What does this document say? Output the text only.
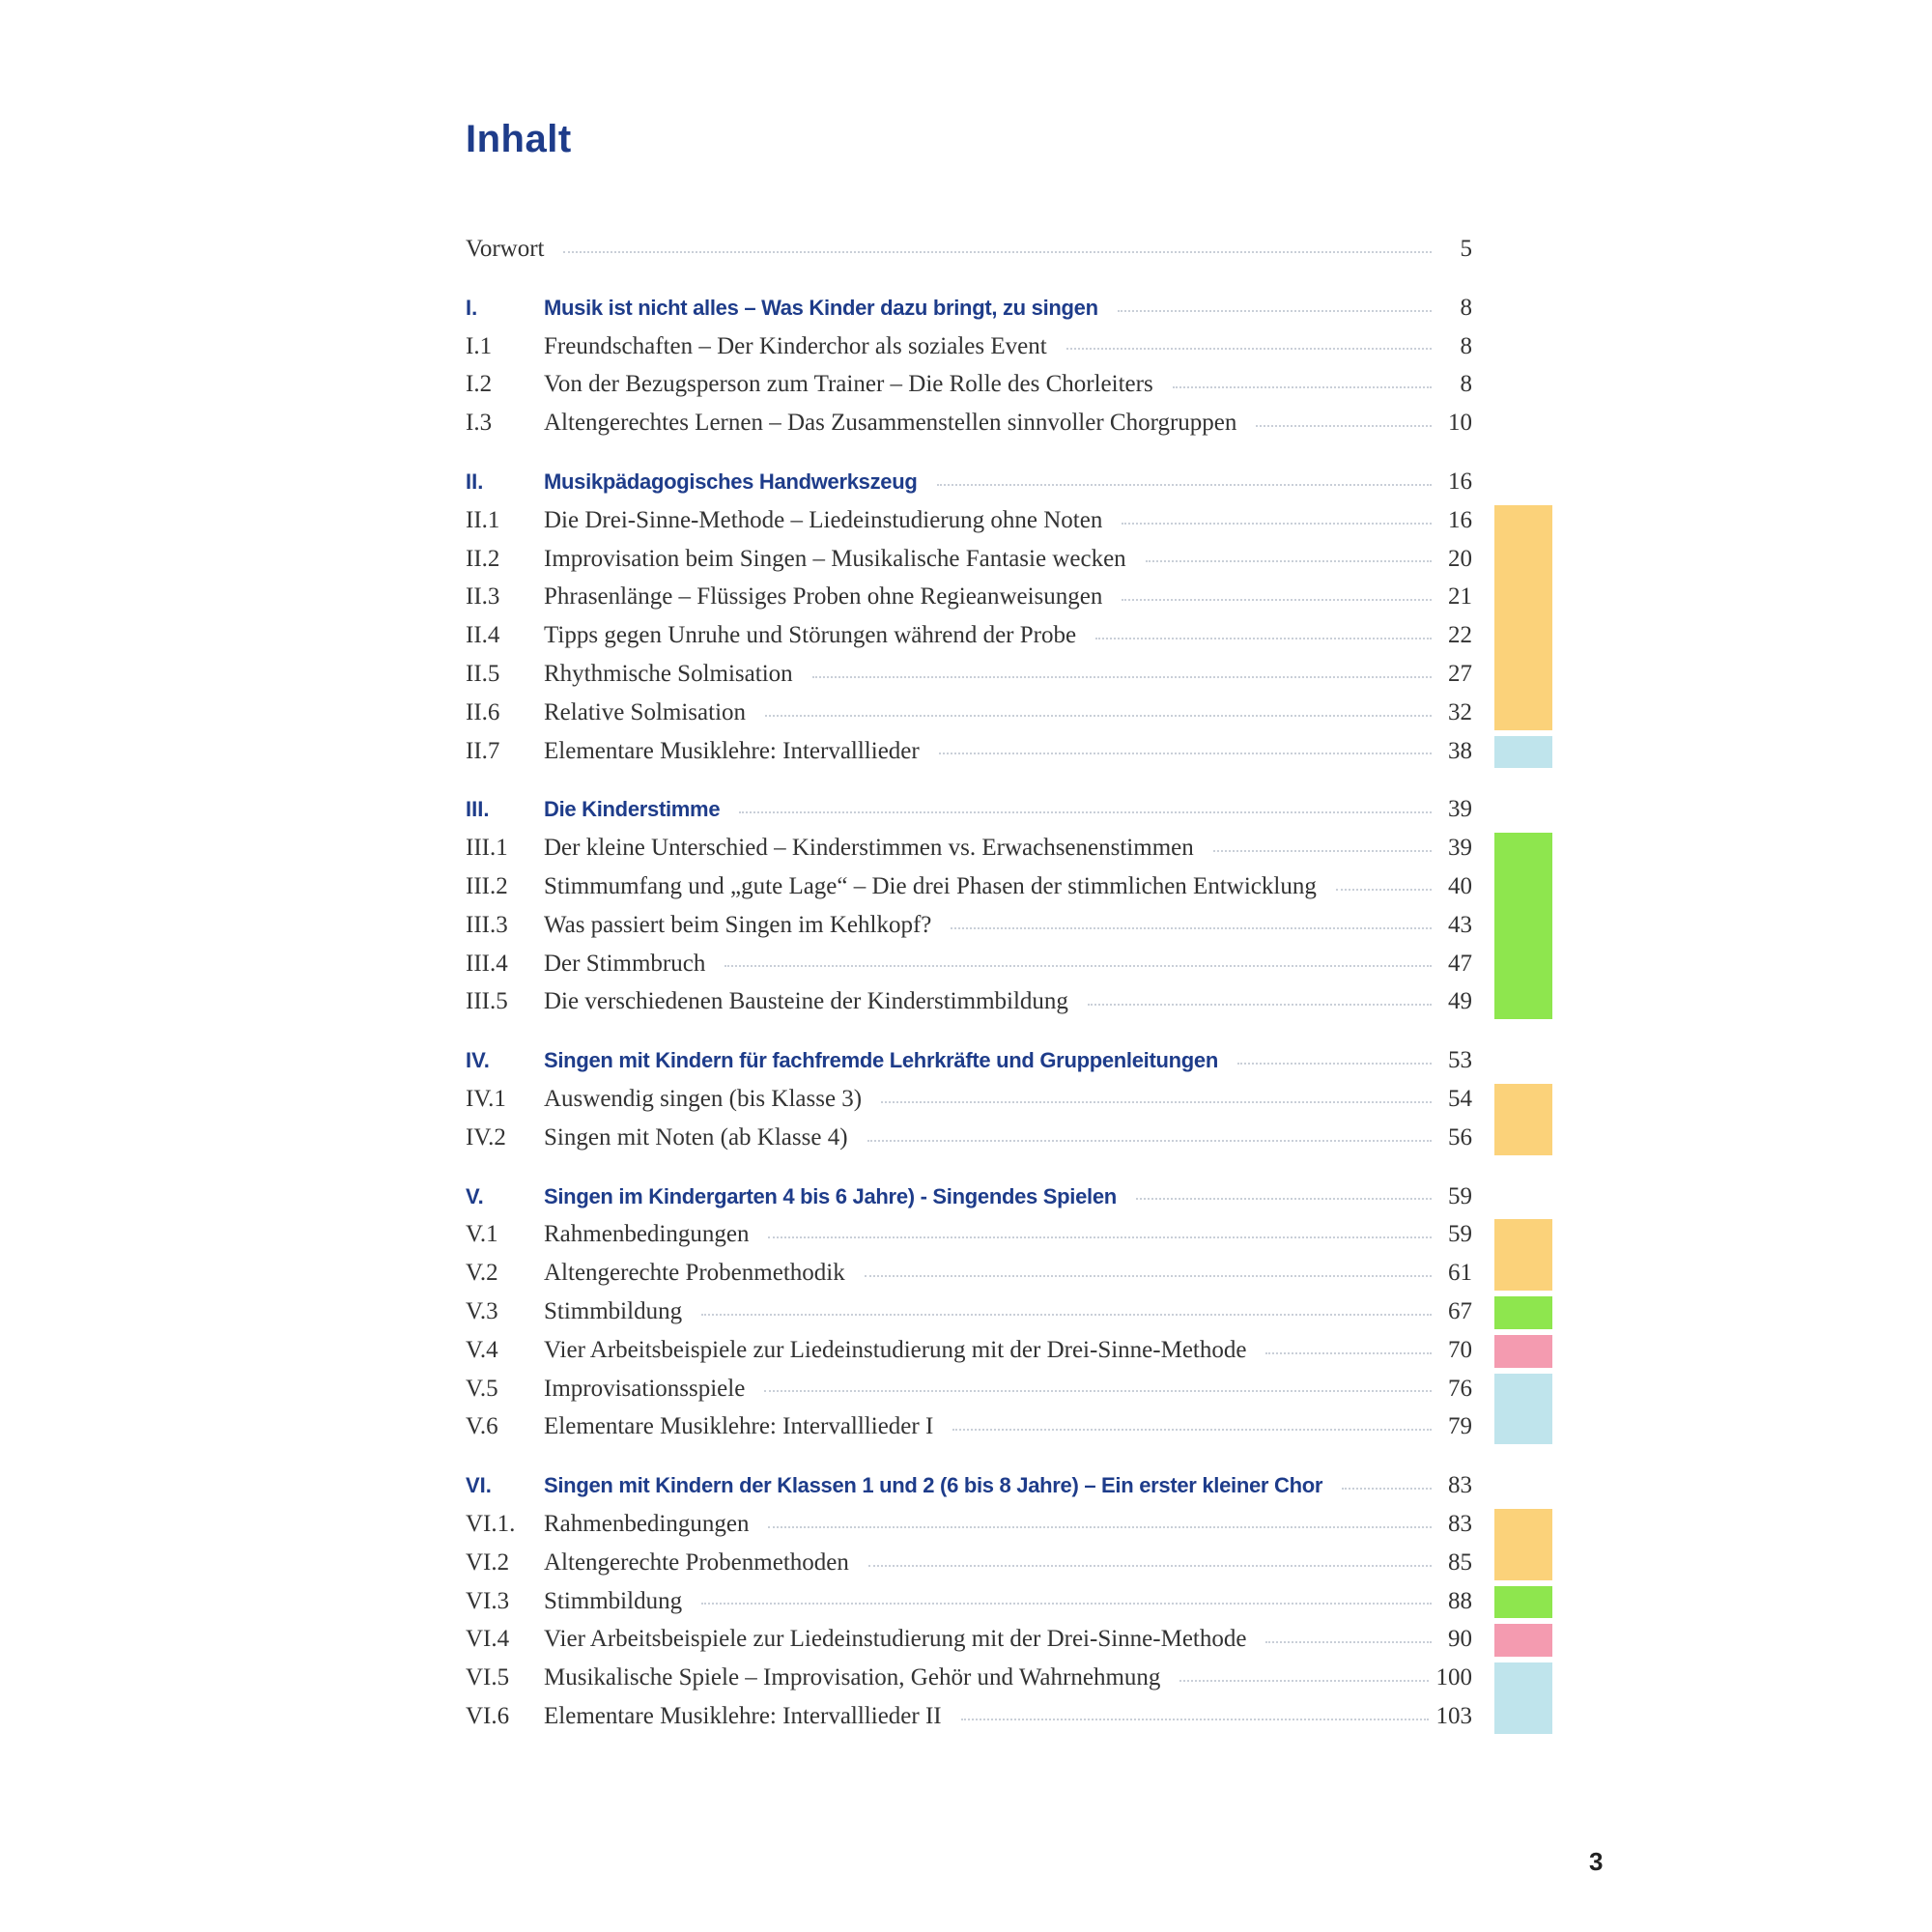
Inhalt
Vorwort	5
I.	Musik ist nicht alles – Was Kinder dazu bringt, zu singen	8
I.1	Freundschaften – Der Kinderchor als soziales Event	8
I.2	Von der Bezugsperson zum Trainer – Die Rolle des Chorleiters	8
I.3	Altengerechtes Lernen – Das Zusammenstellen sinnvoller Chorgruppen	10
II.	Musikpädagogisches Handwerkszeug	16
II.1	Die Drei-Sinne-Methode – Liedeinstudierung ohne Noten	16
II.2	Improvisation beim Singen – Musikalische Fantasie wecken	20
II.3	Phrasenlänge – Flüssiges Proben ohne Regieanweisungen	21
II.4	Tipps gegen Unruhe und Störungen während der Probe	22
II.5	Rhythmische Solmisation	27
II.6	Relative Solmisation	32
II.7	Elementare Musiklehre: Intervalllieder	38
III.	Die Kinderstimme	39
III.1	Der kleine Unterschied – Kinderstimmen vs. Erwachsenenstimmen	39
III.2	Stimmumfang und „gute Lage“ – Die drei Phasen der stimmlichen Entwicklung	40
III.3	Was passiert beim Singen im Kehlkopf?	43
III.4	Der Stimmbruch	47
III.5	Die verschiedenen Bausteine der Kinderstimmbildung	49
IV.	Singen mit Kindern für fachfremde Lehrkräfte und Gruppenleitungen	53
IV.1	Auswendig singen (bis Klasse 3)	54
IV.2	Singen mit Noten (ab Klasse 4)	56
V.	Singen im Kindergarten 4 bis 6 Jahre) - Singendes Spielen	59
V.1	Rahmenbedingungen	59
V.2	Altengerechte Probenmethodik	61
V.3	Stimmbildung	67
V.4	Vier Arbeitsbeispiele zur Liedeinstudierung mit der Drei-Sinne-Methode	70
V.5	Improvisationsspiele	76
V.6	Elementare Musiklehre: Intervalllieder I	79
VI.	Singen mit Kindern der Klassen 1 und 2 (6 bis 8 Jahre) – Ein erster kleiner Chor	83
VI.1.	Rahmenbedingungen	83
VI.2	Altengerechte Probenmethoden	85
VI.3	Stimmbildung	88
VI.4	Vier Arbeitsbeispiele zur Liedeinstudierung mit der Drei-Sinne-Methode	90
VI.5	Musikalische Spiele – Improvisation, Gehör und Wahrnehmung	100
VI.6	Elementare Musiklehre: Intervalllieder II	103
3
